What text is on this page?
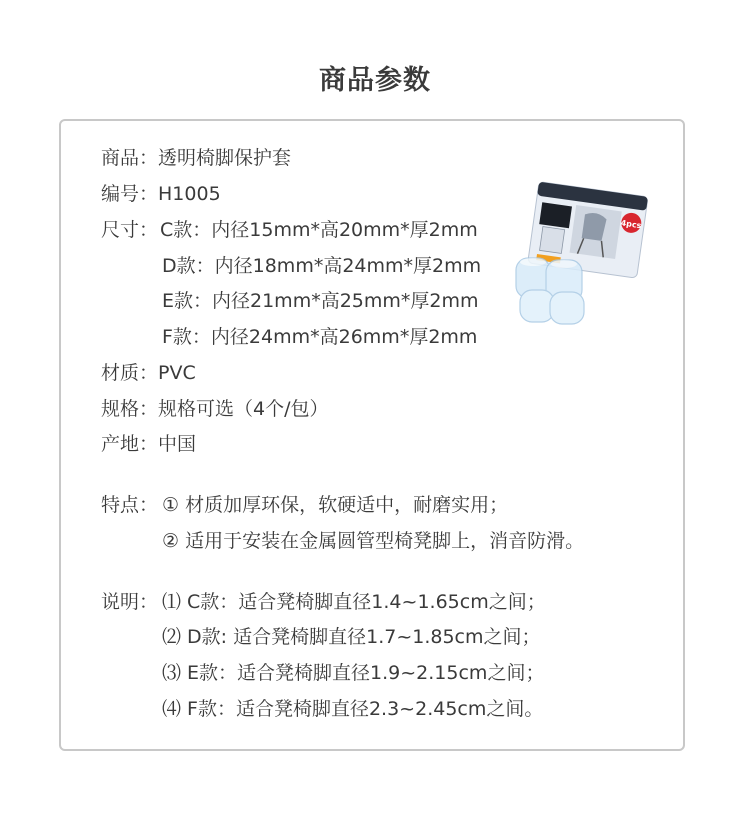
商品参数
商品：透明椅脚保护套
编号：H1005
尺寸： C款：内径15mm*高20mm*厚2mm
D款：内径18mm*高24mm*厚2mm
E款：内径21mm*高25mm*厚2mm
F款：内径24mm*高26mm*厚2mm
材质：PVC
规格：规格可选（4个/包）
产地：中国
特点： ① 材质加厚环保，软硬适中，耐磨实用；
② 适用于安装在金属圆管型椅凳脚上，消音防滑。
说明： ⑴ C款：适合凳椅脚直径1.4~1.65cm之间；
⑵ D款: 适合凳椅脚直径1.7~1.85cm之间；
⑶ E款：适合凳椅脚直径1.9~2.15cm之间；
⑷ F款：适合凳椅脚直径2.3~2.45cm之间。
4pcs
